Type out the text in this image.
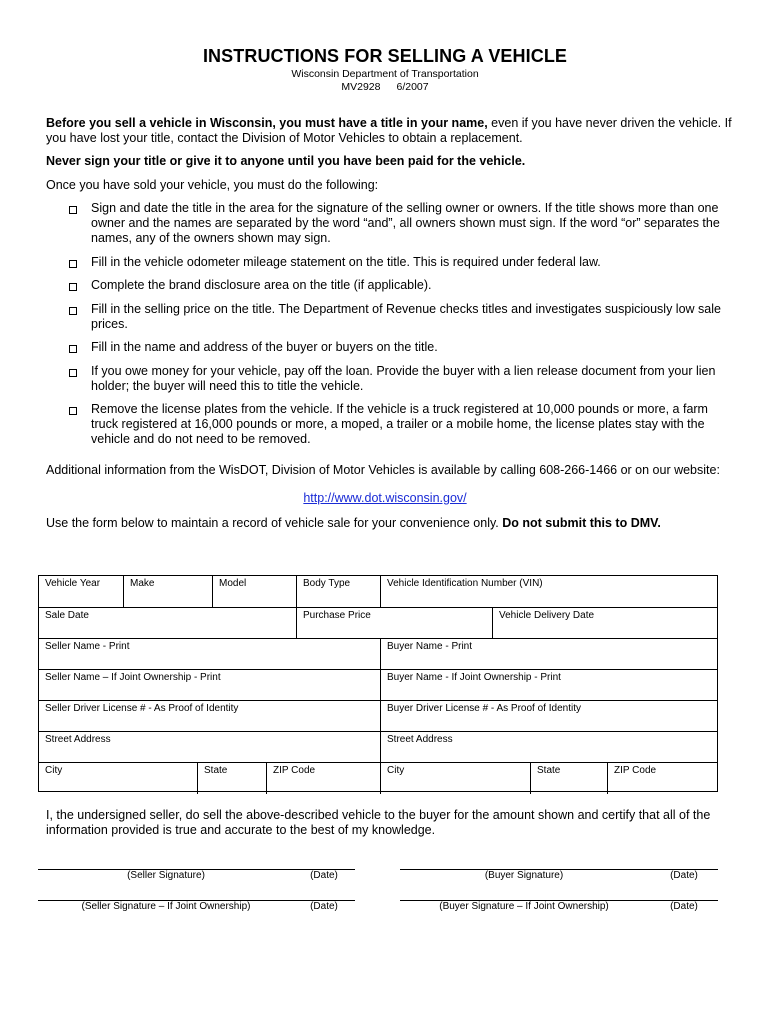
INSTRUCTIONS FOR SELLING A VEHICLE
Wisconsin Department of Transportation
MV2928 6/2007
Before you sell a vehicle in Wisconsin, you must have a title in your name, even if you have never driven the vehicle. If you have lost your title, contact the Division of Motor Vehicles to obtain a replacement.
Never sign your title or give it to anyone until you have been paid for the vehicle.
Once you have sold your vehicle, you must do the following:
Sign and date the title in the area for the signature of the selling owner or owners. If the title shows more than one owner and the names are separated by the word “and”, all owners shown must sign. If the word “or” separates the names, any of the owners shown may sign.
Fill in the vehicle odometer mileage statement on the title. This is required under federal law.
Complete the brand disclosure area on the title (if applicable).
Fill in the selling price on the title. The Department of Revenue checks titles and investigates suspiciously low sale prices.
Fill in the name and address of the buyer or buyers on the title.
If you owe money for your vehicle, pay off the loan. Provide the buyer with a lien release document from your lien holder; the buyer will need this to title the vehicle.
Remove the license plates from the vehicle. If the vehicle is a truck registered at 10,000 pounds or more, a farm truck registered at 16,000 pounds or more, a moped, a trailer or a mobile home, the license plates stay with the vehicle and do not need to be removed.
Additional information from the WisDOT, Division of Motor Vehicles is available by calling 608-266-1466 or on our website:
http://www.dot.wisconsin.gov/
Use the form below to maintain a record of vehicle sale for your convenience only. Do not submit this to DMV.
Vehicle Year	Make	Model	Body Type	Vehicle Identification Number (VIN)
Sale Date	Purchase Price	Vehicle Delivery Date
Seller Name - Print	Buyer Name - Print
Seller Name – If Joint Ownership - Print	Buyer Name - If Joint Ownership - Print
Seller Driver License # - As Proof of Identity	Buyer Driver License # - As Proof of Identity
Street Address	Street Address
City	State	ZIP Code	City	State	ZIP Code
I, the undersigned seller, do sell the above-described vehicle to the buyer for the amount shown and certify that all of the information provided is true and accurate to the best of my knowledge.
(Seller Signature)	(Date)	(Buyer Signature)	(Date)
(Seller Signature – If Joint Ownership)	(Date)	(Buyer Signature – If Joint Ownership)	(Date)
